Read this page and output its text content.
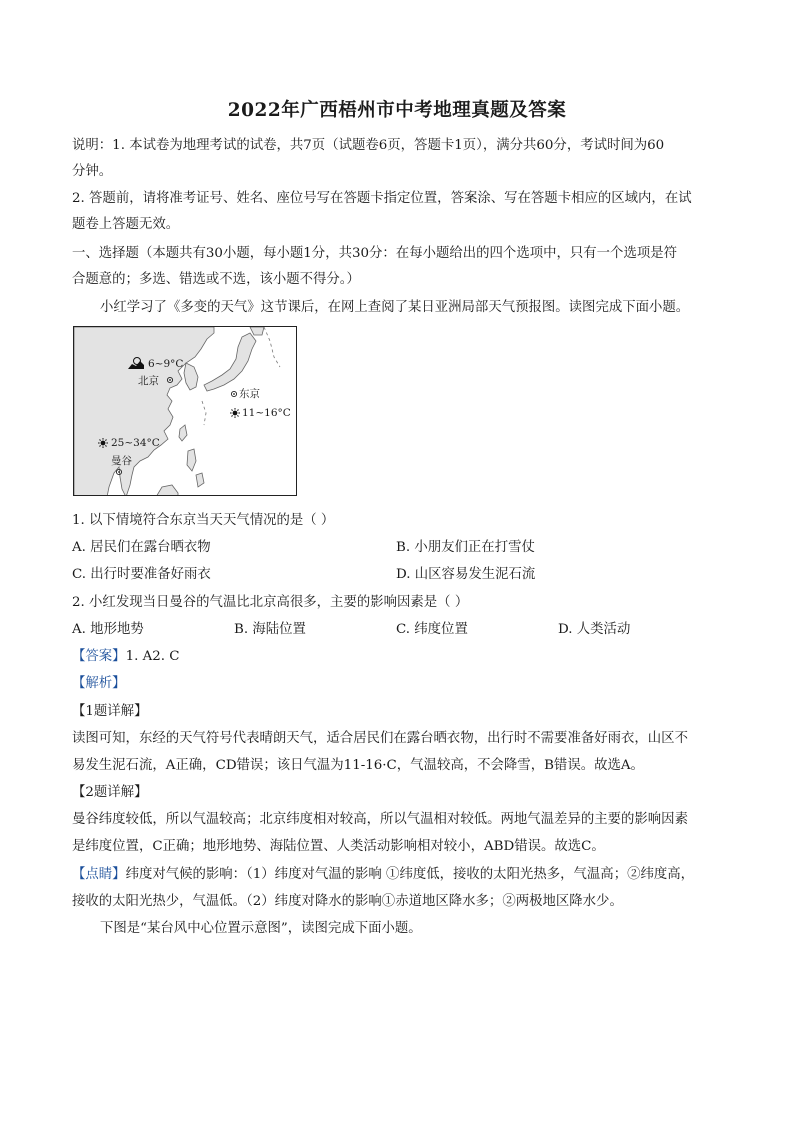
2022年广西梧州市中考地理真题及答案
说明：1. 本试卷为地理考试的试卷，共7页（试题卷6页，答题卡1页），满分共60分，考试时间为60
分钟。
2. 答题前，请将准考证号、姓名、座位号写在答题卡指定位置，答案涂、写在答题卡相应的区域内，在试
题卷上答题无效。
一、选择题（本题共有30小题，每小题1分，共30分：在每小题给出的四个选项中，只有一个选项是符
合题意的；多选、错选或不选，该小题不得分。）
小红学习了《多变的天气》这节课后，在网上查阅了某日亚洲局部天气预报图。读图完成下面小题。
6~9°C
北京
东京
11~16°C
25~34°C
曼谷
1. 以下情境符合东京当天天气情况的是（ ）
A. 居民们在露台晒衣物	B. 小朋友们正在打雪仗
C. 出行时要准备好雨衣	D. 山区容易发生泥石流
2. 小红发现当日曼谷的气温比北京高很多，主要的影响因素是（ ）
A. 地形地势	B. 海陆位置	C. 纬度位置	D. 人类活动
【答案】1. A2. C
【解析】
【1题详解】
读图可知，东经的天气符号代表晴朗天气，适合居民们在露台晒衣物，出行时不需要准备好雨衣，山区不
易发生泥石流，A正确，CD错误；该日气温为11-16·C，气温较高，不会降雪，B错误。故选A。
【2题详解】
曼谷纬度较低，所以气温较高；北京纬度相对较高，所以气温相对较低。两地气温差异的主要的影响因素
是纬度位置，C正确；地形地势、海陆位置、人类活动影响相对较小，ABD错误。故选C。
【点睛】纬度对气候的影响：（1）纬度对气温的影响 ①纬度低，接收的太阳光热多，气温高；②纬度高，
接收的太阳光热少，气温低。（2）纬度对降水的影响①赤道地区降水多；②两极地区降水少。
下图是“某台风中心位置示意图”，读图完成下面小题。
